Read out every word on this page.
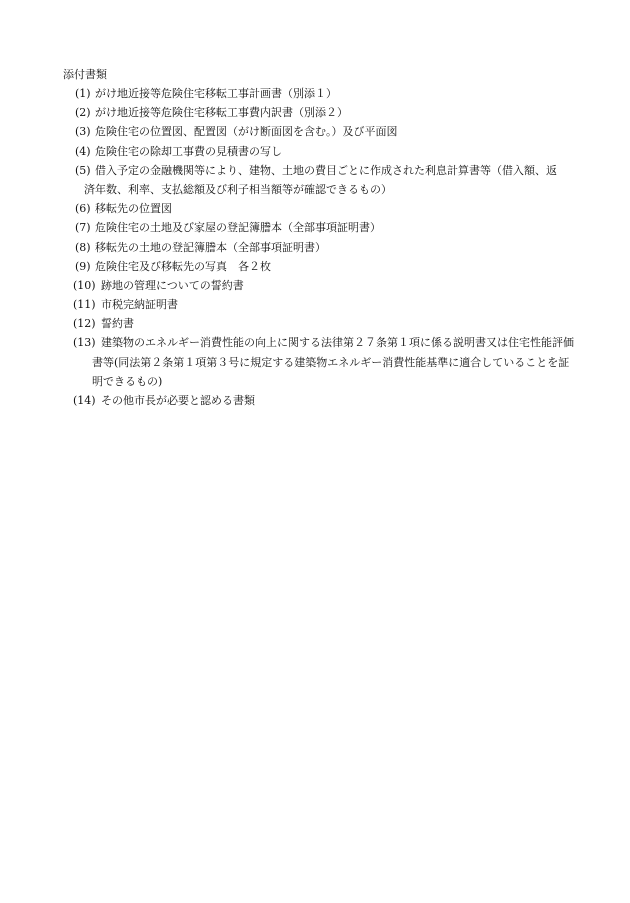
添付書類
(1) がけ地近接等危険住宅移転工事計画書（別添１）
(2) がけ地近接等危険住宅移転工事費内訳書（別添２）
(3) 危険住宅の位置図、配置図（がけ断面図を含む。）及び平面図
(4) 危険住宅の除却工事費の見積書の写し
(5) 借入予定の金融機関等により、建物、土地の費目ごとに作成された利息計算書等（借入額、返
済年数、利率、支払総額及び利子相当額等が確認できるもの）
(6) 移転先の位置図
(7) 危険住宅の土地及び家屋の登記簿謄本（全部事項証明書）
(8) 移転先の土地の登記簿謄本（全部事項証明書）
(9) 危険住宅及び移転先の写真　各２枚
(10) 跡地の管理についての誓約書
(11) 市税完納証明書
(12) 誓約書
(13) 建築物のエネルギー消費性能の向上に関する法律第２７条第１項に係る説明書又は住宅性能評価
書等(同法第２条第１項第３号に規定する建築物エネルギー消費性能基準に適合していることを証
明できるもの)
(14) その他市長が必要と認める書類
